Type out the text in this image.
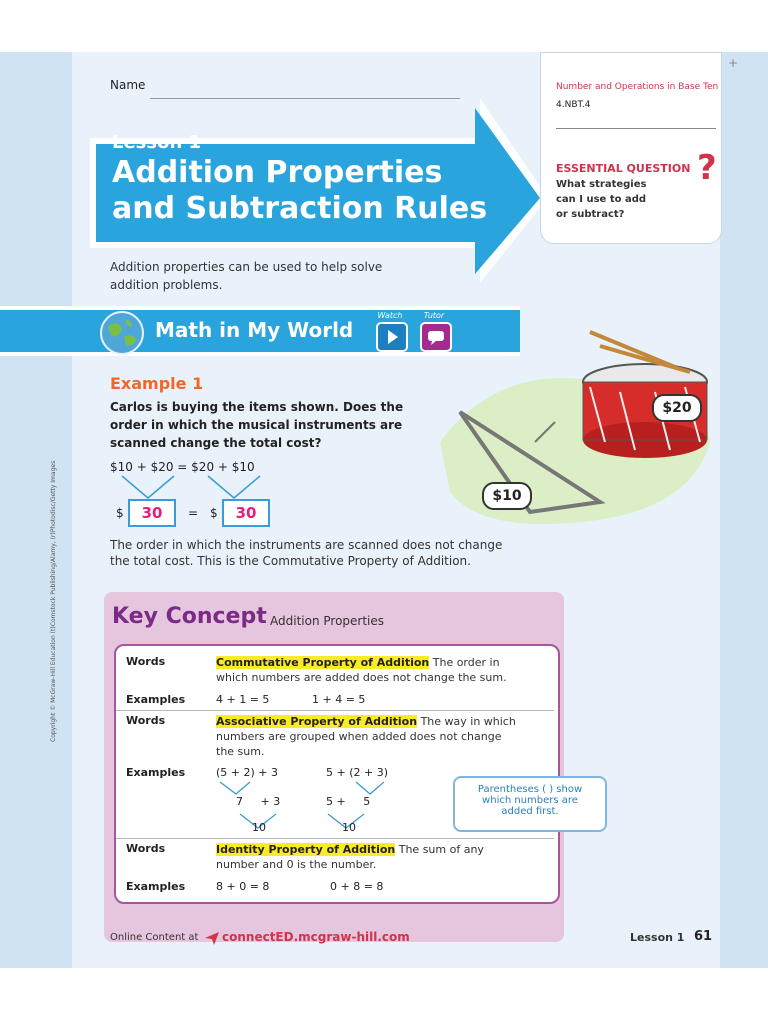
Name
Lesson 1
Addition Properties
and Subtraction Rules
Number and Operations in Base Ten
4.NBT.4
ESSENTIAL QUESTION
What strategies
can I use to add
or subtract?
?
+
Addition properties can be used to help solve
addition problems.
Math in My World
Watch	Tutor
$20
$10
Example 1
Carlos is buying the items shown. Does the
order in which the musical instruments are
scanned change the total cost?
$10 + $20 = $20 + $10
$	30	= $	30
The order in which the instruments are scanned does not change
the total cost. This is the Commutative Property of Addition.
Copyright © McGraw-Hill Education (t)Comstock Publishing/Alamy, (r)Photodisc/Getty Images	Key Concept Addition Properties
Words	Commutative Property of Addition The order in
which numbers are added does not change the sum.
Examples	4 + 1 = 5	1 + 4 = 5
Words	Associative Property of Addition The way in which
numbers are grouped when added does not change
the sum.
Examples	(5 + 2) + 3	5 + (2 + 3)
7     + 3	5 +     5
10	10
Parentheses ( ) show
which numbers are
added first.
Words	Identity Property of Addition The sum of any
number and 0 is the number.
Examples	8 + 0 = 8	0 + 8 = 8
Online Content at connectED.mcgraw-hill.com	Lesson 1 61
